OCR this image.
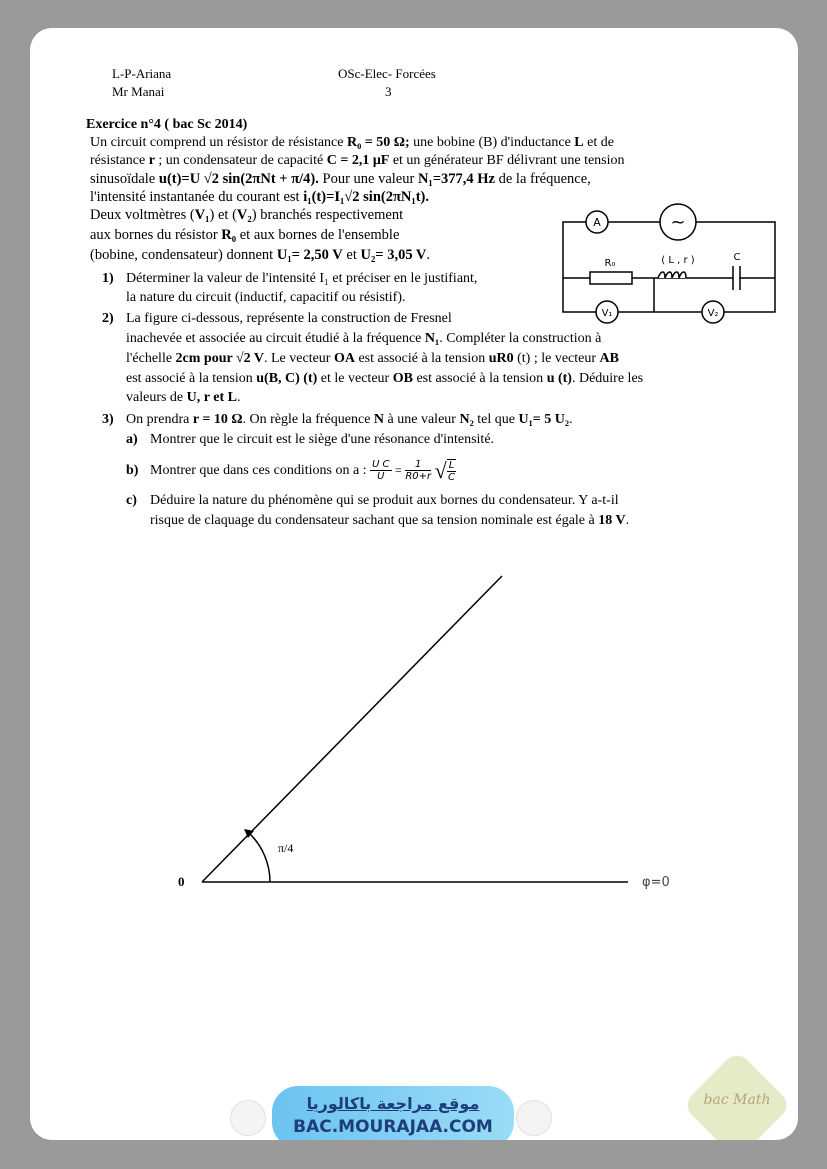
L-P-Ariana
Mr Manai
OSc-Elec- Forcées
3
Exercice n°4 ( bac Sc 2014)
Un circuit comprend un résistor de résistance R₀ = 50 Ω; une bobine (B) d'inductance L et de
résistance r ; un condensateur de capacité C = 2,1 μF et un générateur BF délivrant une tension
sinusoïdale u(t)=U √2 sin(2πNt + π/4). Pour une valeur N₁=377,4 Hz de la fréquence,
l'intensité instantanée du courant est i₁(t)=I₁√2 sin(2πN₁t).
Deux voltmètres (V₁) et (V₂) branchés respectivement
aux bornes du résistor R₀ et aux bornes de l'ensemble
(bobine, condensateur) donnent U₁= 2,50 V et U₂= 3,05 V.
A	~
R₀	( L , r )	C
V₁	V₂
1) Déterminer la valeur de l'intensité I₁ et préciser en le justifiant,
la nature du circuit (inductif, capacitif ou résistif).
2) La figure ci-dessous, représente la construction de Fresnel
inachevée et associée au circuit étudié à la fréquence N₁. Compléter la construction à
l'échelle 2cm pour √2 V. Le vecteur OA est associé à la tension uR0 (t) ; le vecteur AB
est associé à la tension u(B, C) (t) et le vecteur OB est associé à la tension u (t). Déduire les
valeurs de U, r et L.
3) On prendra r = 10 Ω. On règle la fréquence N à une valeur N₂ tel que U₁= 5 U₂.
a) Montrer que le circuit est le siège d'une résonance d'intensité.
b) Montrer que dans ces conditions on a : $\frac{\text{U C}}{U} = \frac{1}{R0+r}$ √ $\frac{L}{C}$
c) Déduire la nature du phénomène qui se produit aux bornes du condensateur. Y a-t-il
risque de claquage du condensateur sachant que sa tension nominale est égale à 18 V.
π/4
0	φ=0
موقع مراجعة باكالوريا
BAC.MOURAJAA.COM
bac Math
